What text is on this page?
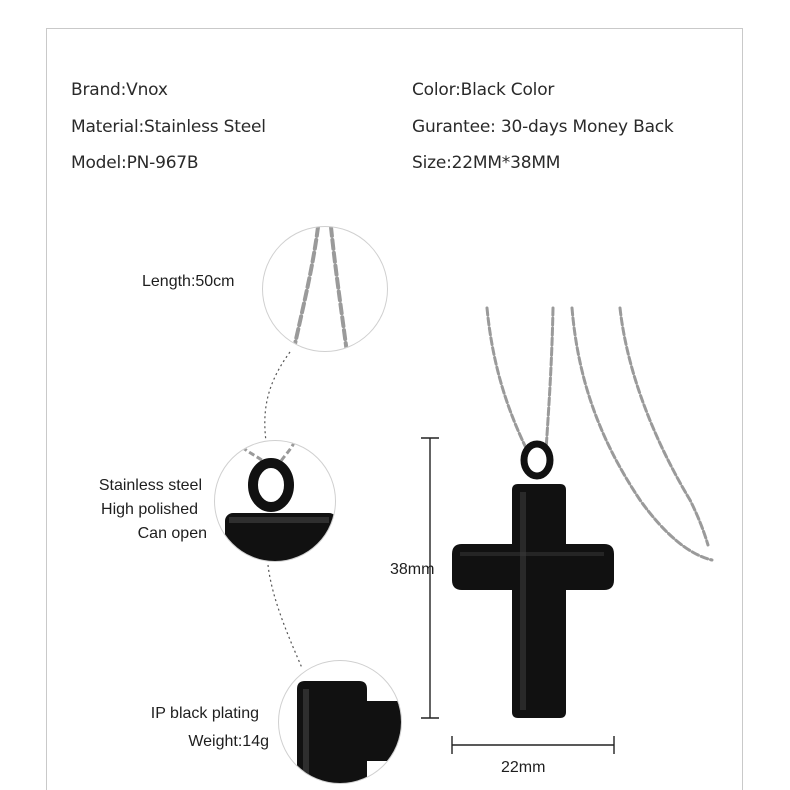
Brand:Vnox
Material:Stainless Steel
Model:PN-967B
Color:Black Color
Gurantee: 30-days Money Back
Size:22MM*38MM
Length:50cm
Stainless steel
High polished
Can open
IP black plating
Weight:14g
38mm
22mm
